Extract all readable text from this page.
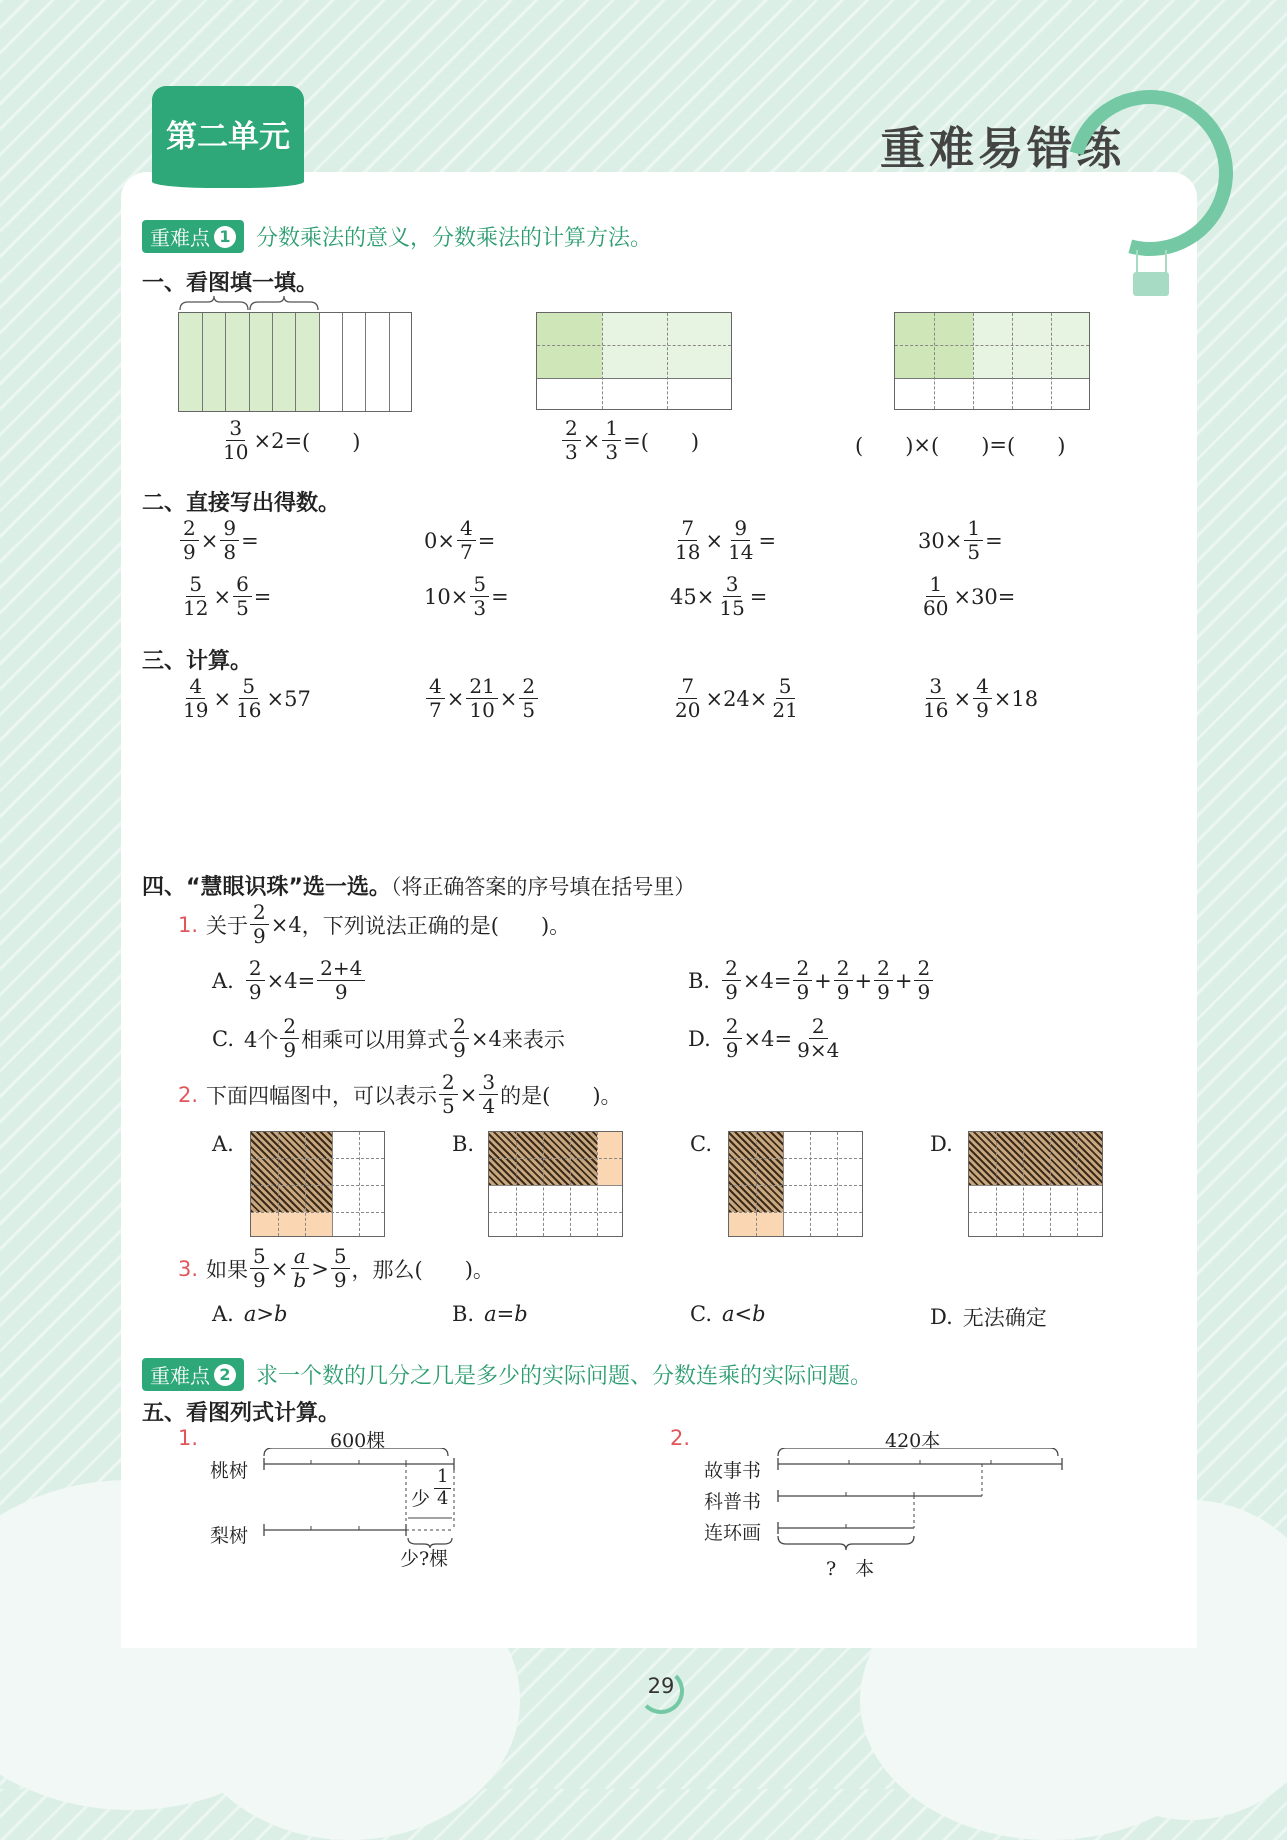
第二单元	重难易错练
重难点 1 分数乘法的意义，分数乘法的计算方法。
一、看图填一填。
$\frac{3}{10} \times 2$ = (　　)	$\frac{2}{3} \times \frac{1}{3}$ = (　　)	(　　) × (　　) = (　　)
二、直接写出得数。
$\frac{2}{9} \times \frac{9}{8}$ =	$0 \times \frac{4}{7}$ =	$\frac{7}{18} \times \frac{9}{14}$ =	$30 \times \frac{1}{5}$ =
$\frac{5}{12} \times \frac{6}{5}$ =	$10 \times \frac{5}{3}$ =	$45 \times \frac{3}{15}$ =	$\frac{1}{60} \times 30$ =
三、计算。
$\frac{4}{19} \times \frac{5}{16} \times 57$	$\frac{4}{7} \times \frac{21}{10} \times \frac{2}{5}$	$\frac{7}{20} \times 24 \times \frac{5}{21}$	$\frac{3}{16} \times \frac{4}{9} \times 18$
四、“慧眼识珠”选一选。（将正确答案的序号填在括号里）
1. 关于 $\frac{2}{9} \times 4$ ，下列说法正确的是(　　)。
A. $\frac{2}{9} \times 4 = \frac{2+4}{9}$	B. $\frac{2}{9} \times 4 = \frac{2}{9} + \frac{2}{9} + \frac{2}{9} + \frac{2}{9}$
C. 4个 $\frac{2}{9}$ 相乘可以用算式 $\frac{2}{9} \times 4$ 来表示	D. $\frac{2}{9} \times 4 = \frac{2}{9\times 4}$
2. 下面四幅图中，可以表示 $\frac{2}{5} \times \frac{3}{4}$ 的是(　　)。
A.	B.	C.	D.
3. 如果 $\frac{5}{9} \times \frac{a}{b} > \frac{5}{9}$ ，那么(　　)。
A. a > b	B. a = b	C. a < b	D. 无法确定
重难点 2 求一个数的几分之几是多少的实际问题、分数连乘的实际问题。
五、看图列式计算。
1.	600棵
桃树
梨树
少 $\frac{1}{4}$
少?棵
2.	420本
故事书
科普书
连环画
?　本
29
